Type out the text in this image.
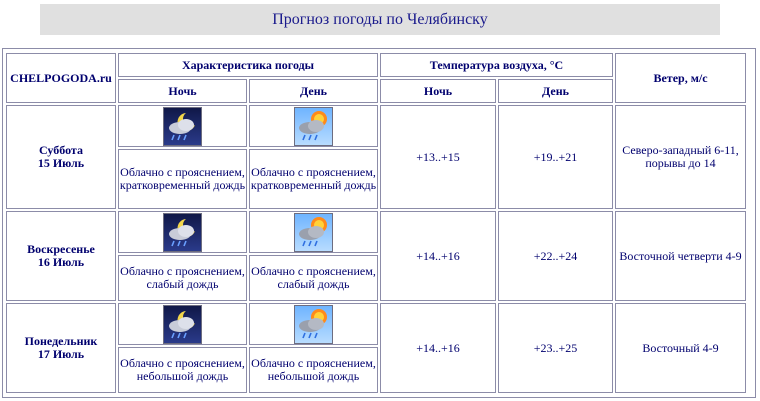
Прогноз погоды по Челябинску
CHELPOGODA.ru	Характеристика погоды		Температура воздуха, °С		Ветер, м/с
	Ночь	День	Ночь	День	

Суббота
15 Июль			+13..+15	+19..+21	Северо-западный 6-11, порывы до 14
	Облачно с прояснением, кратковременный дождь	Облачно с прояснением, кратковременный дождь			

Воскресенье
16 Июль			+14..+16	+22..+24	Восточной четверти 4-9
	Облачно с прояснением, слабый дождь	Облачно с прояснением, слабый дождь			

Понедельник
17 Июль			+14..+16	+23..+25	Восточный 4-9
	Облачно с прояснением, небольшой дождь	Облачно с прояснением, небольшой дождь			
